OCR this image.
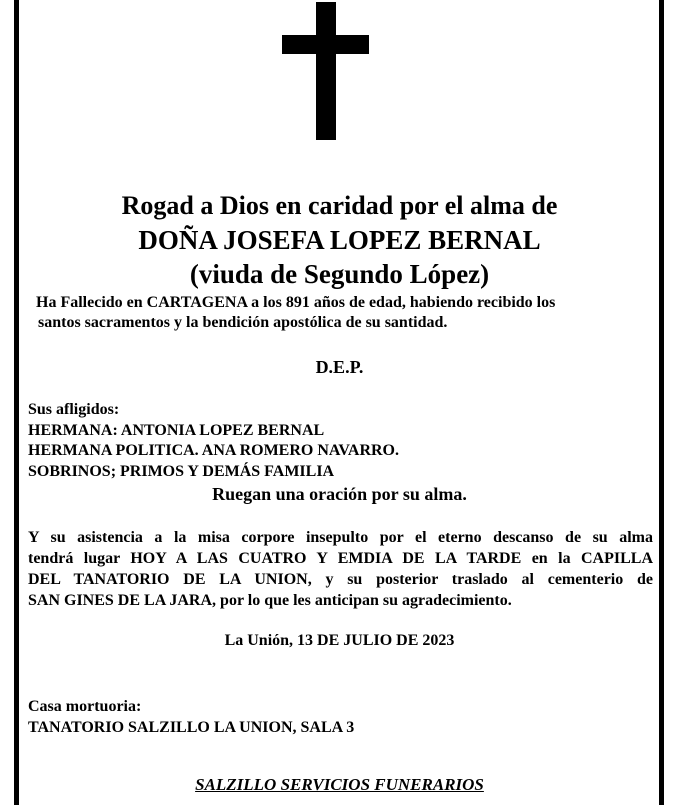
Rogad a Dios en caridad por el alma de

DOÑA JOSEFA LOPEZ BERNAL

(viuda de Segundo López)

Ha Fallecido en CARTAGENA a los 891 años de edad, habiendo recibido los

santos sacramentos y la bendición apostólica de su santidad.

D.E.P.

Sus afligidos:

HERMANA: ANTONIA LOPEZ BERNAL

HERMANA POLITICA. ANA ROMERO NAVARRO.

SOBRINOS; PRIMOS Y DEMÁS FAMILIA

Ruegan una oración por su alma.

Y su asistencia a la misa corpore insepulto por el eterno descanso de su alma
tendrá lugar HOY A LAS CUATRO Y EMDIA DE LA TARDE en la CAPILLA
DEL TANATORIO DE LA UNION, y su posterior traslado al cementerio de
SAN GINES DE LA JARA, por lo que les anticipan su agradecimiento.

La Unión, 13 DE JULIO DE 2023

Casa mortuoria:

TANATORIO SALZILLO LA UNION, SALA 3

SALZILLO SERVICIOS FUNERARIOS
